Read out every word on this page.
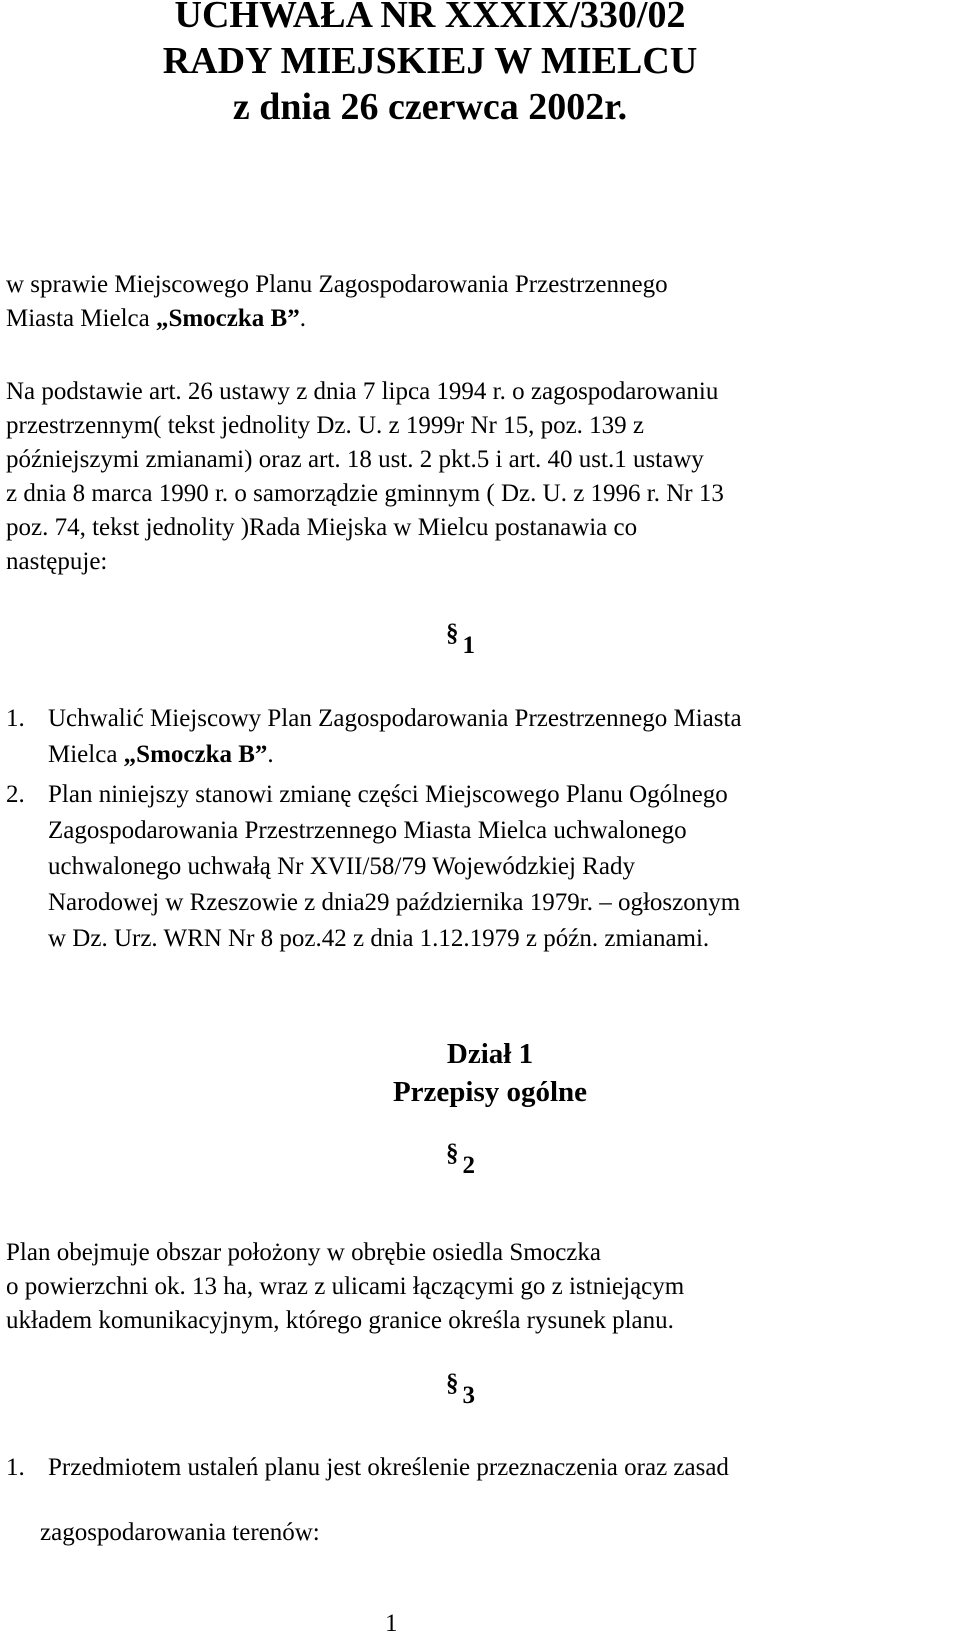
UCHWAŁA NR XXXIX/330/02
RADY MIEJSKIEJ W MIELCU
z dnia 26 czerwca 2002r.
w sprawie Miejscowego Planu Zagospodarowania Przestrzennego
Miasta Mielca „Smoczka B”.
Na podstawie art. 26 ustawy z dnia 7 lipca 1994 r. o zagospodarowaniu
przestrzennym( tekst jednolity Dz. U. z 1999r Nr 15, poz. 139 z
późniejszymi zmianami) oraz art. 18 ust. 2 pkt.5 i art. 40 ust.1 ustawy
z dnia 8 marca 1990 r. o samorządzie gminnym ( Dz. U. z 1996 r. Nr 13
poz. 74, tekst jednolity )Rada Miejska w Mielcu postanawia co
następuje:
§ 1
1. Uchwalić Miejscowy Plan Zagospodarowania Przestrzennego Miasta
Mielca „Smoczka B”.
2. Plan niniejszy stanowi zmianę części Miejscowego Planu Ogólnego
Zagospodarowania Przestrzennego Miasta Mielca uchwalonego
uchwalonego uchwałą Nr XVII/58/79 Wojewódzkiej Rady
Narodowej w Rzeszowie z dnia29 października 1979r. – ogłoszonym
w Dz. Urz. WRN Nr 8 poz.42 z dnia 1.12.1979 z późn. zmianami.
Dział 1
Przepisy ogólne
§ 2
Plan obejmuje obszar położony w obrębie osiedla Smoczka
o powierzchni ok. 13 ha, wraz z ulicami łączącymi go z istniejącym
układem komunikacyjnym, którego granice określa rysunek planu.
§ 3
1. Przedmiotem ustaleń planu jest określenie przeznaczenia oraz zasad
zagospodarowania terenów:
1
